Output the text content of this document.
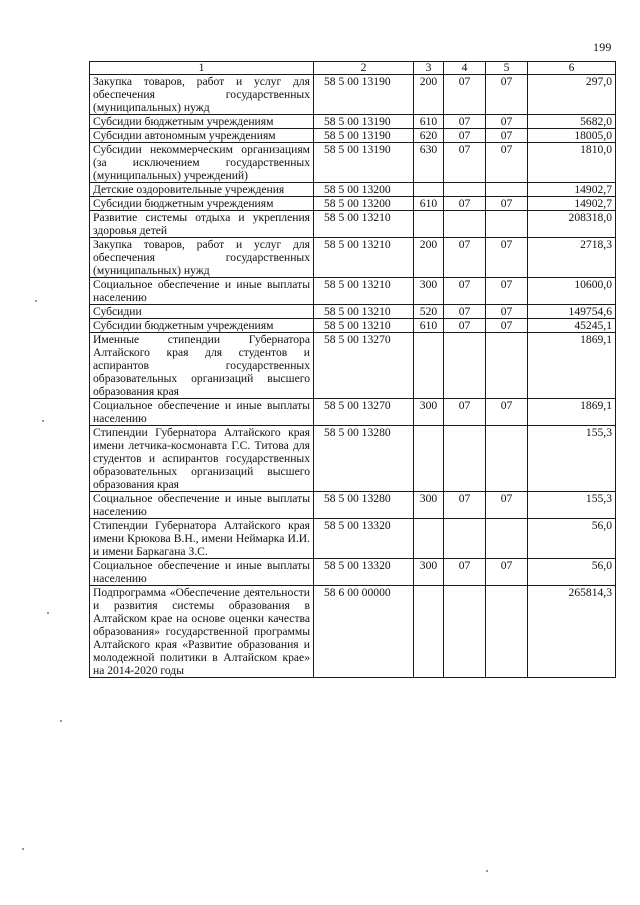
199
1	2	3	4	5	6
Закупка товаров, работ и услуг для обеспечения государственных (муниципальных) нужд	58 5 00 13190	200	07	07	297,0
Субсидии бюджетным учреждениям	58 5 00 13190	610	07	07	5682,0
Субсидии автономным учреждениям	58 5 00 13190	620	07	07	18005,0
Субсидии некоммерческим организациям (за исключением государственных (муниципальных) учреждений)	58 5 00 13190	630	07	07	1810,0
Детские оздоровительные учреждения	58 5 00 13200				14902,7
Субсидии бюджетным учреждениям	58 5 00 13200	610	07	07	14902,7
Развитие системы отдыха и укрепления здоровья детей	58 5 00 13210				208318,0
Закупка товаров, работ и услуг для обеспечения государственных (муниципальных) нужд	58 5 00 13210	200	07	07	2718,3
Социальное обеспечение и иные выплаты населению	58 5 00 13210	300	07	07	10600,0
Субсидии	58 5 00 13210	520	07	07	149754,6
Субсидии бюджетным учреждениям	58 5 00 13210	610	07	07	45245,1
Именные стипендии Губернатора Алтайского края для студентов и аспирантов государственных образовательных организаций высшего образования края	58 5 00 13270				1869,1
Социальное обеспечение и иные выплаты населению	58 5 00 13270	300	07	07	1869,1
Стипендии Губернатора Алтайского края имени летчика-космонавта Г.С. Титова для студентов и аспирантов государственных образовательных организаций высшего образования края	58 5 00 13280				155,3
Социальное обеспечение и иные выплаты населению	58 5 00 13280	300	07	07	155,3
Стипендии Губернатора Алтайского края имени Крюкова В.Н., имени Неймарка И.И. и имени Баркагана З.С.	58 5 00 13320				56,0
Социальное обеспечение и иные выплаты населению	58 5 00 13320	300	07	07	56,0
Подпрограмма «Обеспечение деятельности и развития системы образования в Алтайском крае на основе оценки качества образования» государственной программы Алтайского края «Развитие образования и молодежной политики в Алтайском крае» на 2014-2020 годы	58 6 00 00000				265814,3
